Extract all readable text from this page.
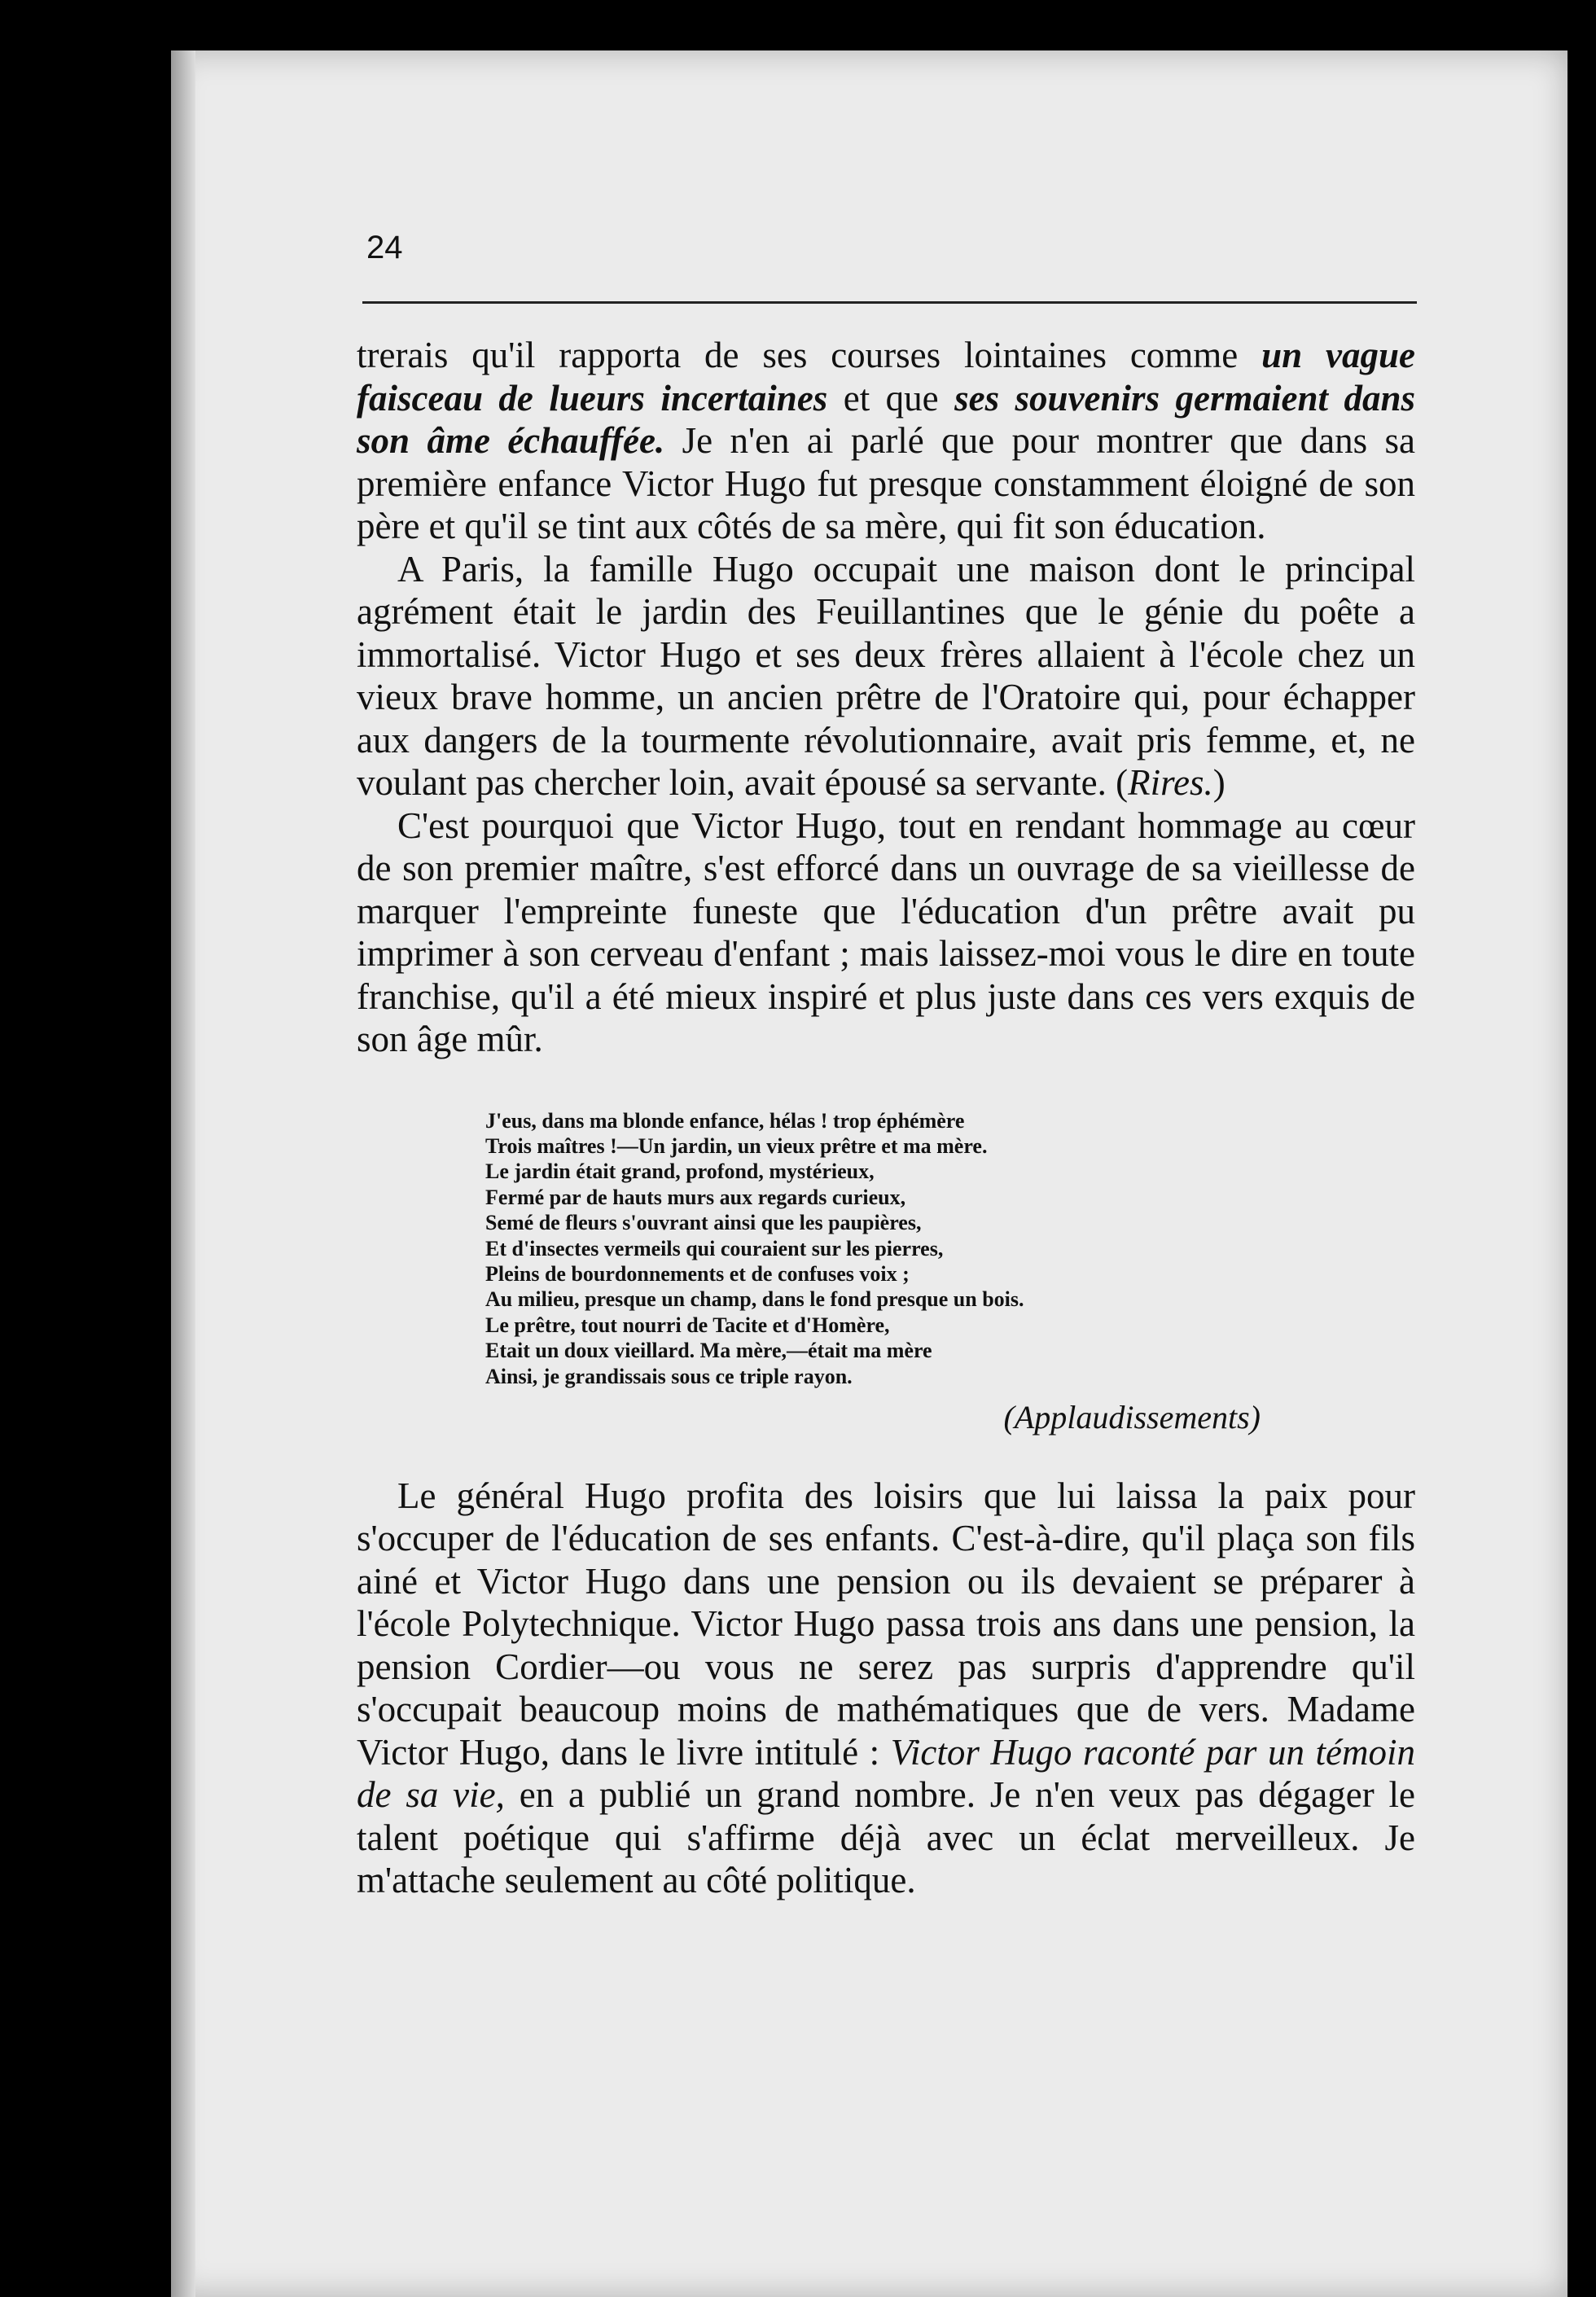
24

trerais qu'il rapporta de ses courses lointaines comme un vague faisceau de lueurs incertaines et que ses souvenirs germaient dans son âme échauffée. Je n'en ai parlé que pour montrer que dans sa première enfance Victor Hugo fut presque constamment éloigné de son père et qu'il se tint aux côtés de sa mère, qui fit son éducation.

A Paris, la famille Hugo occupait une maison dont le principal agrément était le jardin des Feuillantines que le génie du poête a immortalisé. Victor Hugo et ses deux frères allaient à l'école chez un vieux brave homme, un ancien prêtre de l'Oratoire qui, pour échapper aux dangers de la tourmente révolutionnaire, avait pris femme, et, ne voulant pas chercher loin, avait épousé sa servante. (Rires.)

C'est pourquoi que Victor Hugo, tout en rendant hommage au cœur de son premier maître, s'est efforcé dans un ouvrage de sa vieillesse de marquer l'empreinte funeste que l'éducation d'un prêtre avait pu imprimer à son cerveau d'enfant ; mais laissez-moi vous le dire en toute franchise, qu'il a été mieux inspiré et plus juste dans ces vers exquis de son âge mûr.

J'eus, dans ma blonde enfance, hélas ! trop éphémère
Trois maîtres !—Un jardin, un vieux prêtre et ma mère.
Le jardin était grand, profond, mystérieux,
Fermé par de hauts murs aux regards curieux,
Semé de fleurs s'ouvrant ainsi que les paupières,
Et d'insectes vermeils qui couraient sur les pierres,
Pleins de bourdonnements et de confuses voix ;
Au milieu, presque un champ, dans le fond presque un bois.
Le prêtre, tout nourri de Tacite et d'Homère,
Etait un doux vieillard. Ma mère,—était ma mère
Ainsi, je grandissais sous ce triple rayon.
(Applaudissements)

Le général Hugo profita des loisirs que lui laissa la paix pour s'occuper de l'éducation de ses enfants. C'est-à-dire, qu'il plaça son fils ainé et Victor Hugo dans une pension ou ils devaient se préparer à l'école Polytechnique. Victor Hugo passa trois ans dans une pension, la pension Cordier—ou vous ne serez pas surpris d'apprendre qu'il s'occupait beaucoup moins de mathématiques que de vers. Madame Victor Hugo, dans le livre intitulé : Victor Hugo raconté par un témoin de sa vie, en a publié un grand nombre. Je n'en veux pas dégager le talent poétique qui s'affirme déjà avec un éclat merveilleux. Je m'attache seulement au côté politique.
